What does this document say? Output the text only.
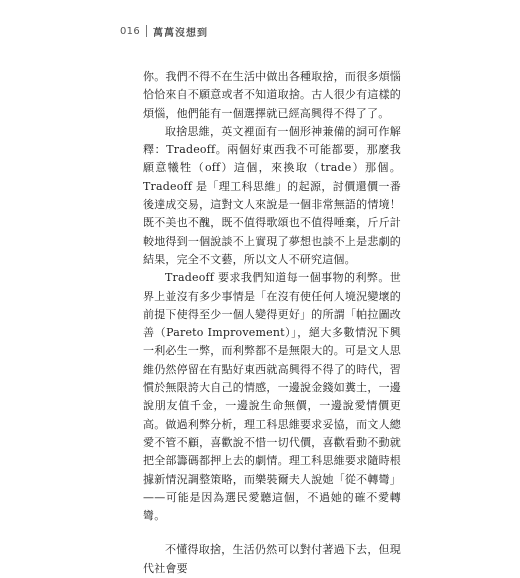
016 萬萬沒想到

你。我們不得不在生活中做出各種取捨，而很多煩惱恰恰來自不願意或者不知道取捨。古人很少有這樣的煩惱，他們能有一個選擇就已經高興得不得了了。

取捨思維，英文裡面有一個形神兼備的詞可作解釋：Tradeoff。兩個好東西我不可能都要，那麼我願意犧牲（off）這個，來換取（trade）那個。Tradeoff 是「理工科思維」的起源，討價還價一番後達成交易，這對文人來說是一個非常無語的情境！既不美也不醜，既不值得歌頌也不值得唾棄，斤斤計較地得到一個說談不上實現了夢想也談不上是悲劇的結果，完全不文藝，所以文人不研究這個。

Tradeoff 要求我們知道每一個事物的利弊。世界上並沒有多少事情是「在沒有使任何人境況變壞的前提下使得至少一個人變得更好」的所謂「帕拉圖改善（Pareto Improvement）」，絕大多數情況下興一利必生一弊，而利弊都不是無限大的。可是文人思維仍然停留在有點好東西就高興得不得了的時代，習慣於無限誇大自己的情感，一邊說金錢如糞土，一邊說朋友值千金，一邊說生命無價，一邊說愛情價更高。做過利弊分析，理工科思維要求妥協，而文人總愛不管不顧，喜歡說不惜一切代價，喜歡看動不動就把全部籌碼都押上去的劇情。理工科思維要求隨時根據新情況調整策略，而樂裝爾夫人說她「從不轉彎」——可能是因為選民愛聽這個，不過她的確不愛轉彎。

不懂得取捨，生活仍然可以對付著過下去，但現代社會要
